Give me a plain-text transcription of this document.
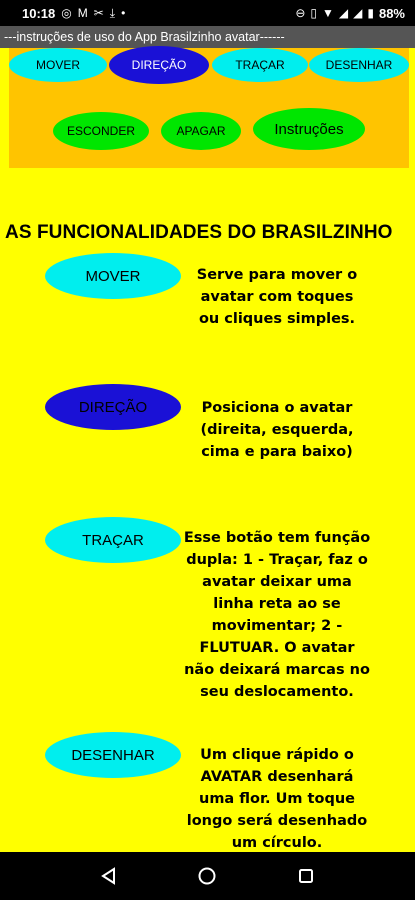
10:18 ◎ M ✂ ⤓ •	⊖ ▯ ▼ ◢ ◢ ▮ 88%
---instruções de uso do App Brasilzinho avatar------
MOVER	DIREÇÃO	TRAÇAR	DESENHAR
ESCONDER	APAGAR	Instruções
AS FUNCIONALIDADES DO BRASILZINHO
MOVER	Serve para mover o avatar com toques ou cliques simples.
DIREÇÃO	Posiciona o avatar (direita, esquerda, cima e para baixo)
TRAÇAR	Esse botão tem função dupla: 1 - Traçar, faz o avatar deixar uma linha reta ao se movimentar; 2 - FLUTUAR. O avatar não deixará marcas no seu deslocamento.
DESENHAR	Um clique rápido o AVATAR desenhará uma flor. Um toque longo será desenhado um círculo.
